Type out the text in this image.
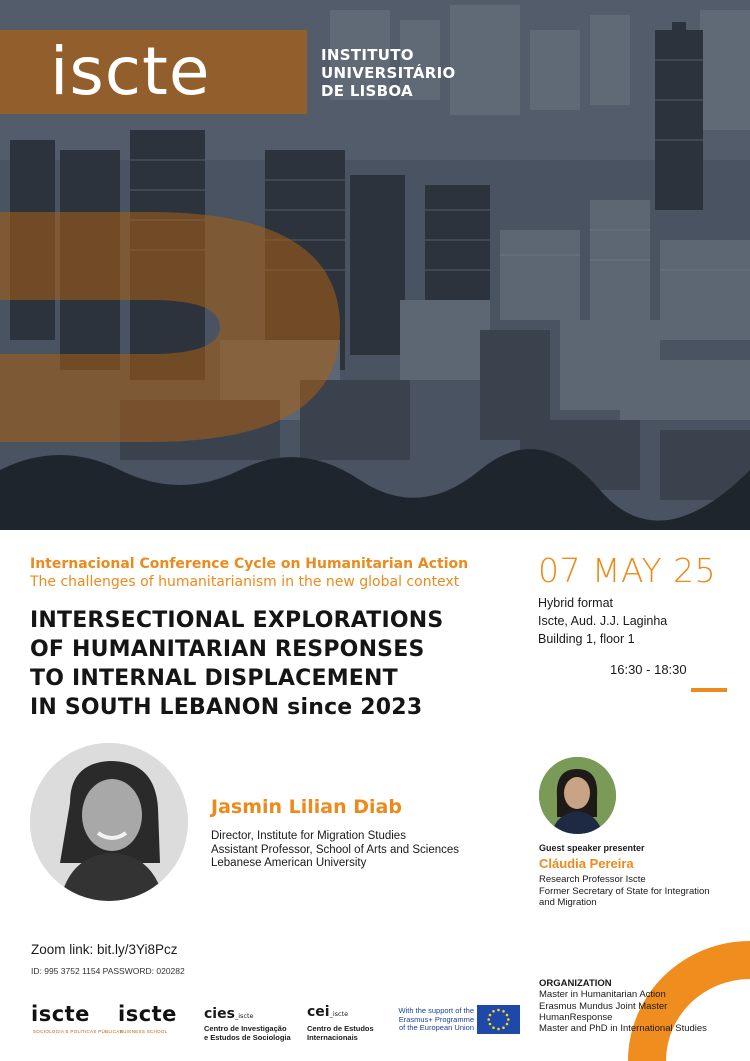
iscte	INSTITUTO
UNIVERSITÁRIO
DE LISBOA
Internacional Conference Cycle on Humanitarian Action
The challenges of humanitarianism in the new global context
INTERSECTIONAL EXPLORATIONS
OF HUMANITARIAN RESPONSES
TO INTERNAL DISPLACEMENT
IN SOUTH LEBANON since 2023
07 MAY 25
Hybrid format
Iscte, Aud. J.J. Laginha
Building 1, floor 1
16:30 - 18:30
Jasmin Lilian Diab
Director, Institute for Migration Studies
Assistant Professor, School of Arts and Sciences
Lebanese American University
Guest speaker presenter
Cláudia Pereira
Research Professor Iscte
Former Secretary of State for Integration
and Migration
Zoom link: bit.ly/3Yi8Pcz
ID: 995 3752 1154 PASSWORD: 020282
ORGANIZATION
Master in Humanitarian Action
Erasmus Mundus Joint Master
HumanResponse
Master and PhD in International Studies
iscte
SOCIOLOGIA E POLÍTICAS PÚBLICAS
iscte
BUSINESS SCHOOL
cies_iscte
Centro de Investigação
e Estudos de Sociologia
cei_iscte
Centro de Estudos
Internacionais
With the support of the
Erasmus+ Programme
of the European Union
